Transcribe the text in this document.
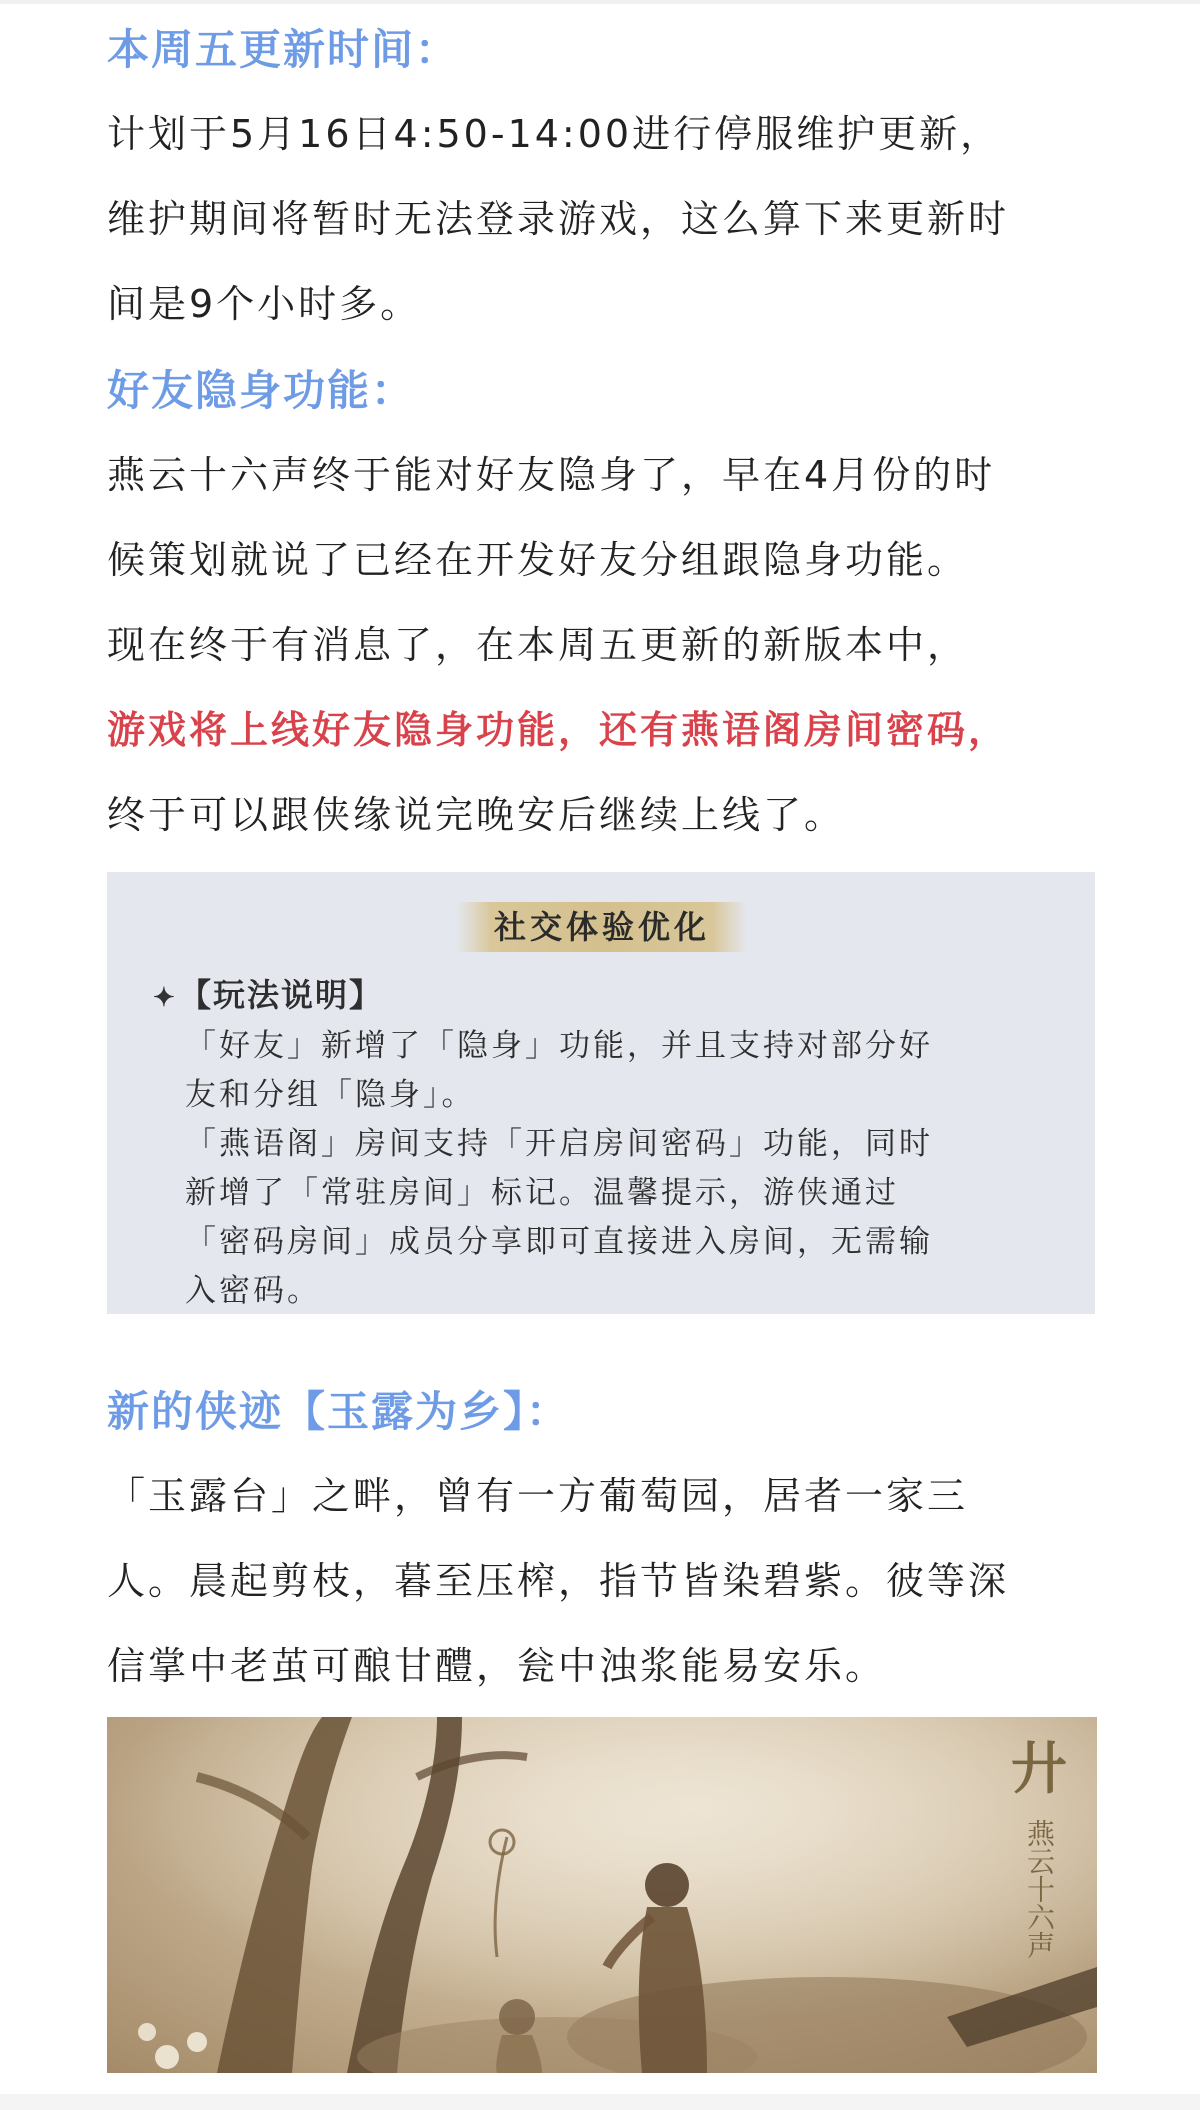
本周五更新时间：
计划于5月16日4:50-14:00进行停服维护更新，
维护期间将暂时无法登录游戏，这么算下来更新时
间是9个小时多。
好友隐身功能：
燕云十六声终于能对好友隐身了，早在4月份的时
候策划就说了已经在开发好友分组跟隐身功能。
现在终于有消息了，在本周五更新的新版本中，
游戏将上线好友隐身功能，还有燕语阁房间密码，
终于可以跟侠缘说完晚安后继续上线了。
社交体验优化
✦【玩法说明】

「好友」新增了「隐身」功能，并且支持对部分好

友和分组「隐身」。

「燕语阁」房间支持「开启房间密码」功能，同时

新增了「常驻房间」标记。温馨提示，游侠通过

「密码房间」成员分享即可直接进入房间，无需输

入密码。

新的侠迹【玉露为乡】：
「玉露台」之畔，曾有一方葡萄园，居者一家三
人。晨起剪枝，暮至压榨，指节皆染碧紫。彼等深
信掌中老茧可酿甘醴，瓮中浊浆能易安乐。
廾
燕云十六声
